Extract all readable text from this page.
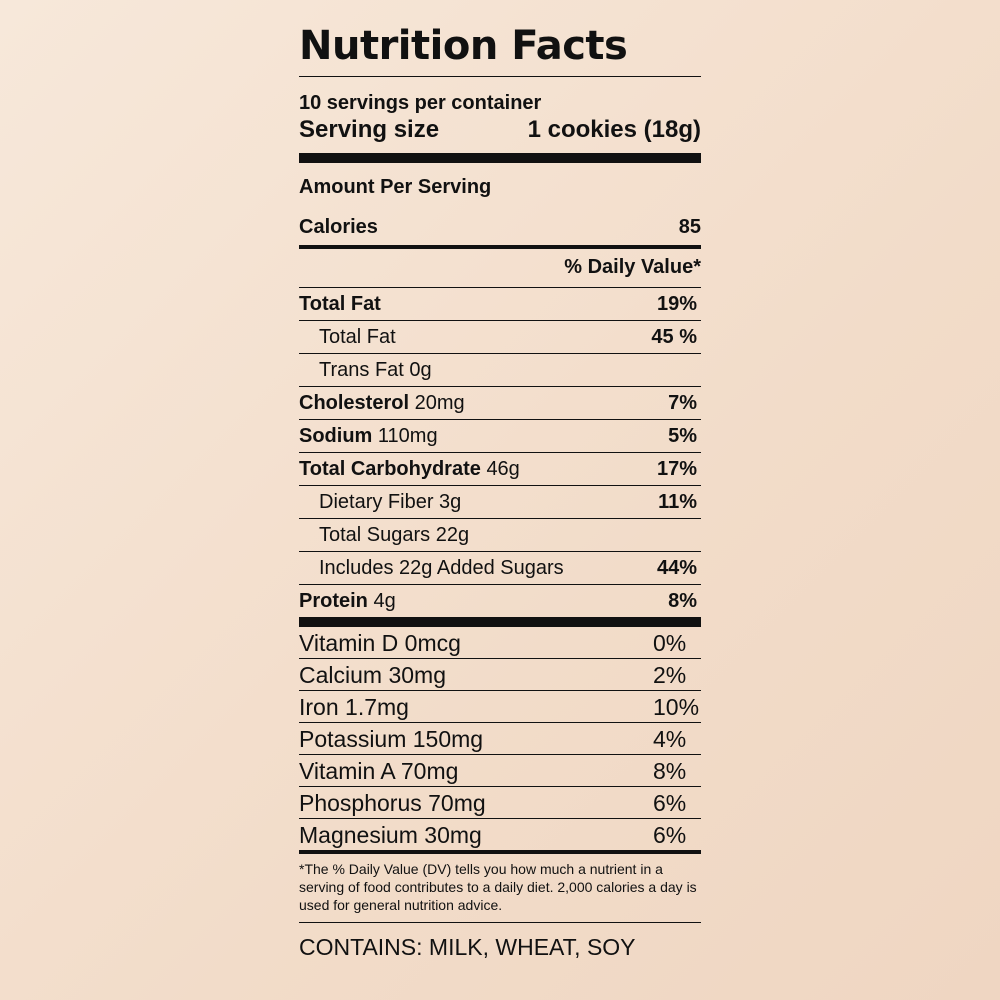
Nutrition Facts
10 servings per container
Serving size	1 cookies (18g)
Amount Per Serving
Calories	85
% Daily Value*
Total Fat	19%
Total Fat	45 %
Trans Fat 0g
Cholesterol 20mg	7%
Sodium 110mg	5%
Total Carbohydrate 46g	17%
Dietary Fiber 3g	11%
Total Sugars 22g
Includes 22g Added Sugars	44%
Protein 4g	8%
Vitamin D 0mcg	0%
Calcium 30mg	2%
Iron 1.7mg	10%
Potassium 150mg	4%
Vitamin A 70mg	8%
Phosphorus 70mg	6%
Magnesium 30mg	6%
*The % Daily Value (DV) tells you how much a nutrient in a serving of food contributes to a daily diet. 2,000 calories a day is used for general nutrition advice.
CONTAINS: MILK, WHEAT, SOY
